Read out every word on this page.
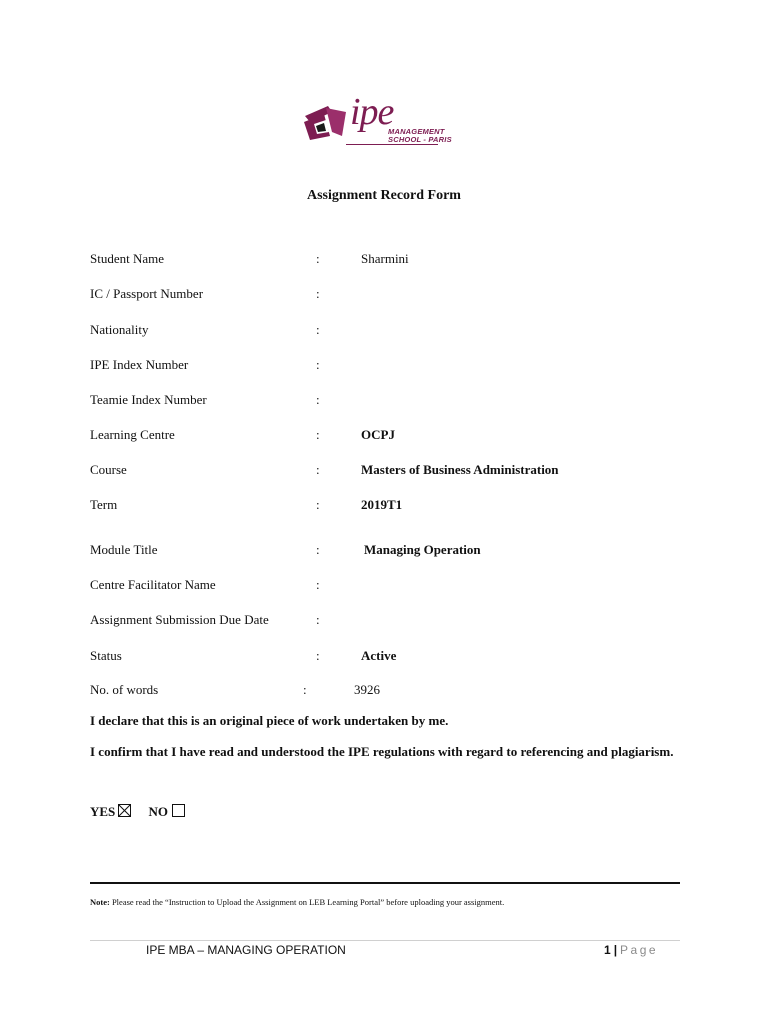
ipe
MANAGEMENT
SCHOOL - PARIS
Assignment Record Form
Student Name	:	Sharmini
IC / Passport Number	:
Nationality	:
IPE Index Number	:
Teamie Index Number	:
Learning Centre	:	OCPJ
Course	:	Masters of Business Administration
Term	:	2019T1
Module Title	:	Managing Operation
Centre Facilitator Name	:
Assignment Submission Due Date	:
Status	:	Active
No. of words	:	3926
I declare that this is an original piece of work undertaken by me.
I confirm that I have read and understood the IPE regulations with regard to referencing and plagiarism.
YES	NO
Note: Please read the “Instruction to Upload the Assignment on LEB Learning Portal” before uploading your assignment.
IPE MBA – MANAGING OPERATION	1 | Page
